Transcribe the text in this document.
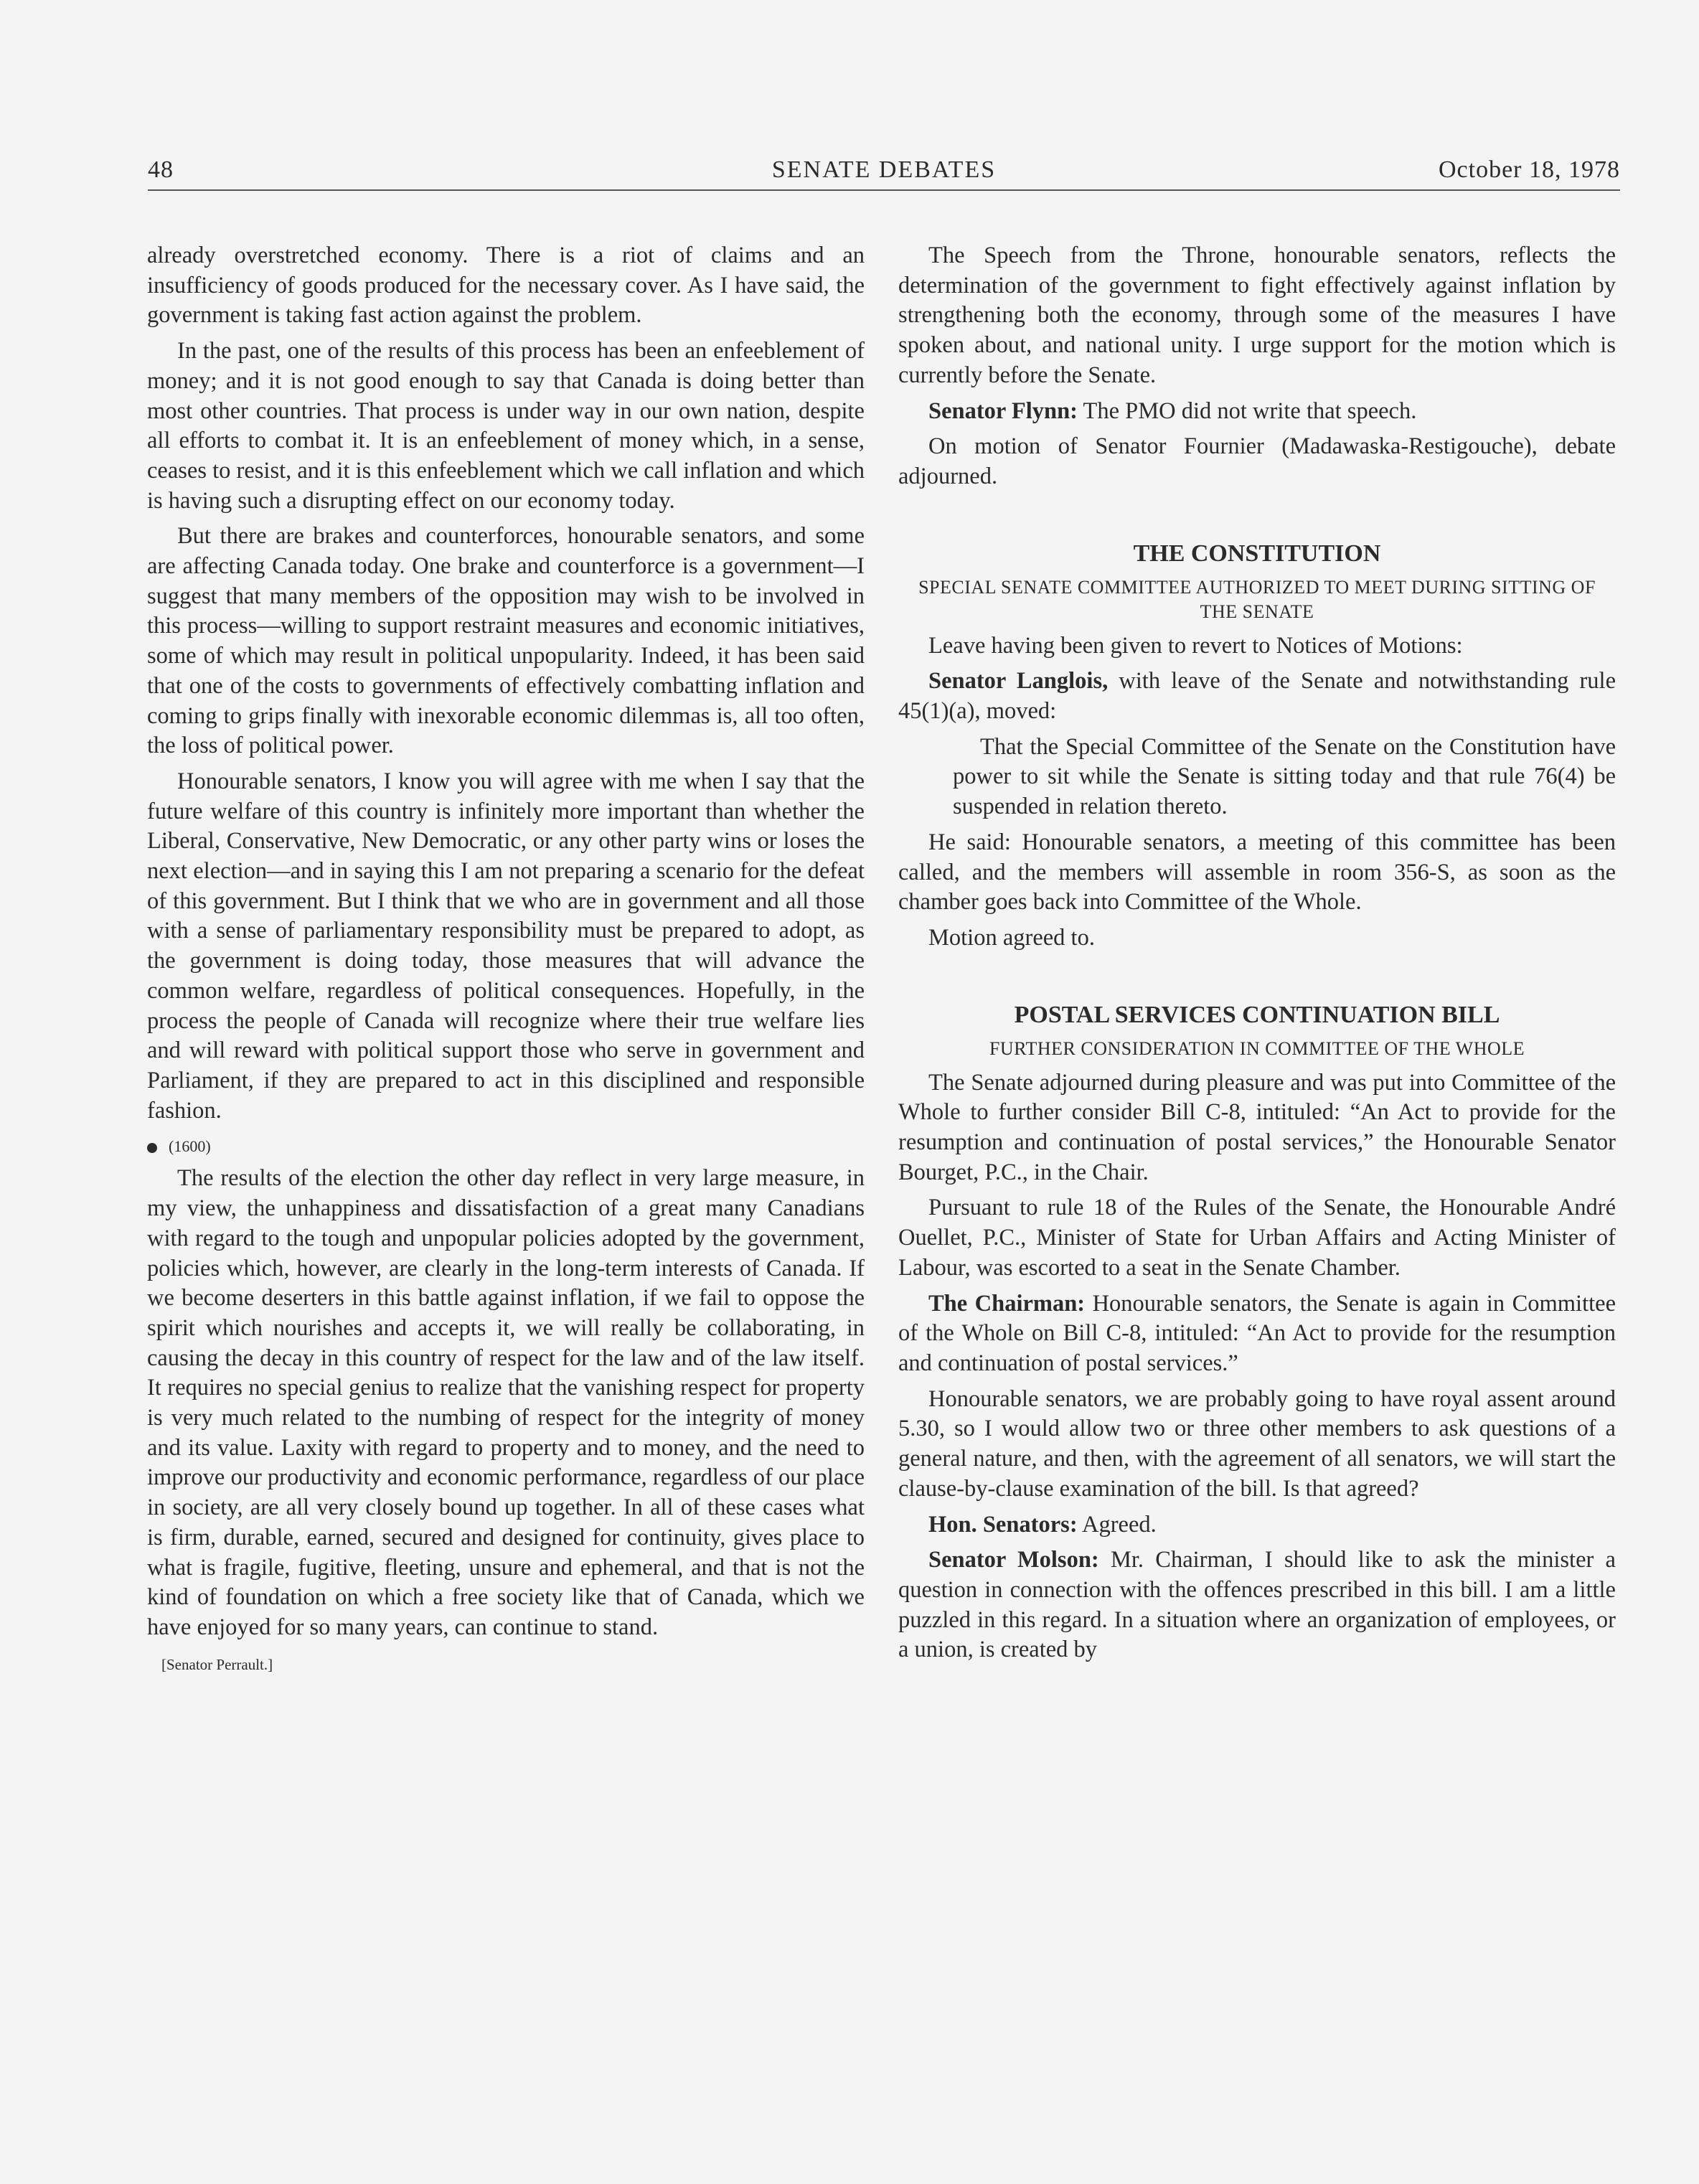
48	SENATE DEBATES	October 18, 1978

already overstretched economy. There is a riot of claims and an insufficiency of goods produced for the necessary cover. As I have said, the government is taking fast action against the problem.

In the past, one of the results of this process has been an enfeeblement of money; and it is not good enough to say that Canada is doing better than most other countries. That process is under way in our own nation, despite all efforts to combat it. It is an enfeeblement of money which, in a sense, ceases to resist, and it is this enfeeblement which we call inflation and which is having such a disrupting effect on our economy today.

But there are brakes and counterforces, honourable senators, and some are affecting Canada today. One brake and counterforce is a government—I suggest that many members of the opposition may wish to be involved in this process—willing to support restraint measures and economic initiatives, some of which may result in political unpopularity. Indeed, it has been said that one of the costs to governments of effectively combatting inflation and coming to grips finally with inexorable economic dilemmas is, all too often, the loss of political power.

Honourable senators, I know you will agree with me when I say that the future welfare of this country is infinitely more important than whether the Liberal, Conservative, New Democratic, or any other party wins or loses the next election—and in saying this I am not preparing a scenario for the defeat of this government. But I think that we who are in government and all those with a sense of parliamentary responsibility must be prepared to adopt, as the government is doing today, those measures that will advance the common welfare, regardless of political consequences. Hopefully, in the process the people of Canada will recognize where their true welfare lies and will reward with political support those who serve in government and Parliament, if they are prepared to act in this disciplined and responsible fashion.

(1600)

The results of the election the other day reflect in very large measure, in my view, the unhappiness and dissatisfaction of a great many Canadians with regard to the tough and unpopular policies adopted by the government, policies which, however, are clearly in the long-term interests of Canada. If we become deserters in this battle against inflation, if we fail to oppose the spirit which nourishes and accepts it, we will really be collaborating, in causing the decay in this country of respect for the law and of the law itself. It requires no special genius to realize that the vanishing respect for property is very much related to the numbing of respect for the integrity of money and its value. Laxity with regard to property and to money, and the need to improve our productivity and economic performance, regardless of our place in society, are all very closely bound up together. In all of these cases what is firm, durable, earned, secured and designed for continuity, gives place to what is fragile, fugitive, fleeting, unsure and ephemeral, and that is not the kind of foundation on which a free society like that of Canada, which we have enjoyed for so many years, can continue to stand.

[Senator Perrault.]

The Speech from the Throne, honourable senators, reflects the determination of the government to fight effectively against inflation by strengthening both the economy, through some of the measures I have spoken about, and national unity. I urge support for the motion which is currently before the Senate.

Senator Flynn: The PMO did not write that speech.

On motion of Senator Fournier (Madawaska-Restigouche), debate adjourned.

THE CONSTITUTION
SPECIAL SENATE COMMITTEE AUTHORIZED TO MEET DURING SITTING OF THE SENATE

Leave having been given to revert to Notices of Motions:

Senator Langlois, with leave of the Senate and notwithstanding rule 45(1)(a), moved:

That the Special Committee of the Senate on the Constitution have power to sit while the Senate is sitting today and that rule 76(4) be suspended in relation thereto.

He said: Honourable senators, a meeting of this committee has been called, and the members will assemble in room 356-S, as soon as the chamber goes back into Committee of the Whole.

Motion agreed to.

POSTAL SERVICES CONTINUATION BILL
FURTHER CONSIDERATION IN COMMITTEE OF THE WHOLE

The Senate adjourned during pleasure and was put into Committee of the Whole to further consider Bill C-8, intituled: “An Act to provide for the resumption and continuation of postal services,” the Honourable Senator Bourget, P.C., in the Chair.

Pursuant to rule 18 of the Rules of the Senate, the Honourable André Ouellet, P.C., Minister of State for Urban Affairs and Acting Minister of Labour, was escorted to a seat in the Senate Chamber.

The Chairman: Honourable senators, the Senate is again in Committee of the Whole on Bill C-8, intituled: “An Act to provide for the resumption and continuation of postal services.”

Honourable senators, we are probably going to have royal assent around 5.30, so I would allow two or three other members to ask questions of a general nature, and then, with the agreement of all senators, we will start the clause-by-clause examination of the bill. Is that agreed?

Hon. Senators: Agreed.

Senator Molson: Mr. Chairman, I should like to ask the minister a question in connection with the offences prescribed in this bill. I am a little puzzled in this regard. In a situation where an organization of employees, or a union, is created by
